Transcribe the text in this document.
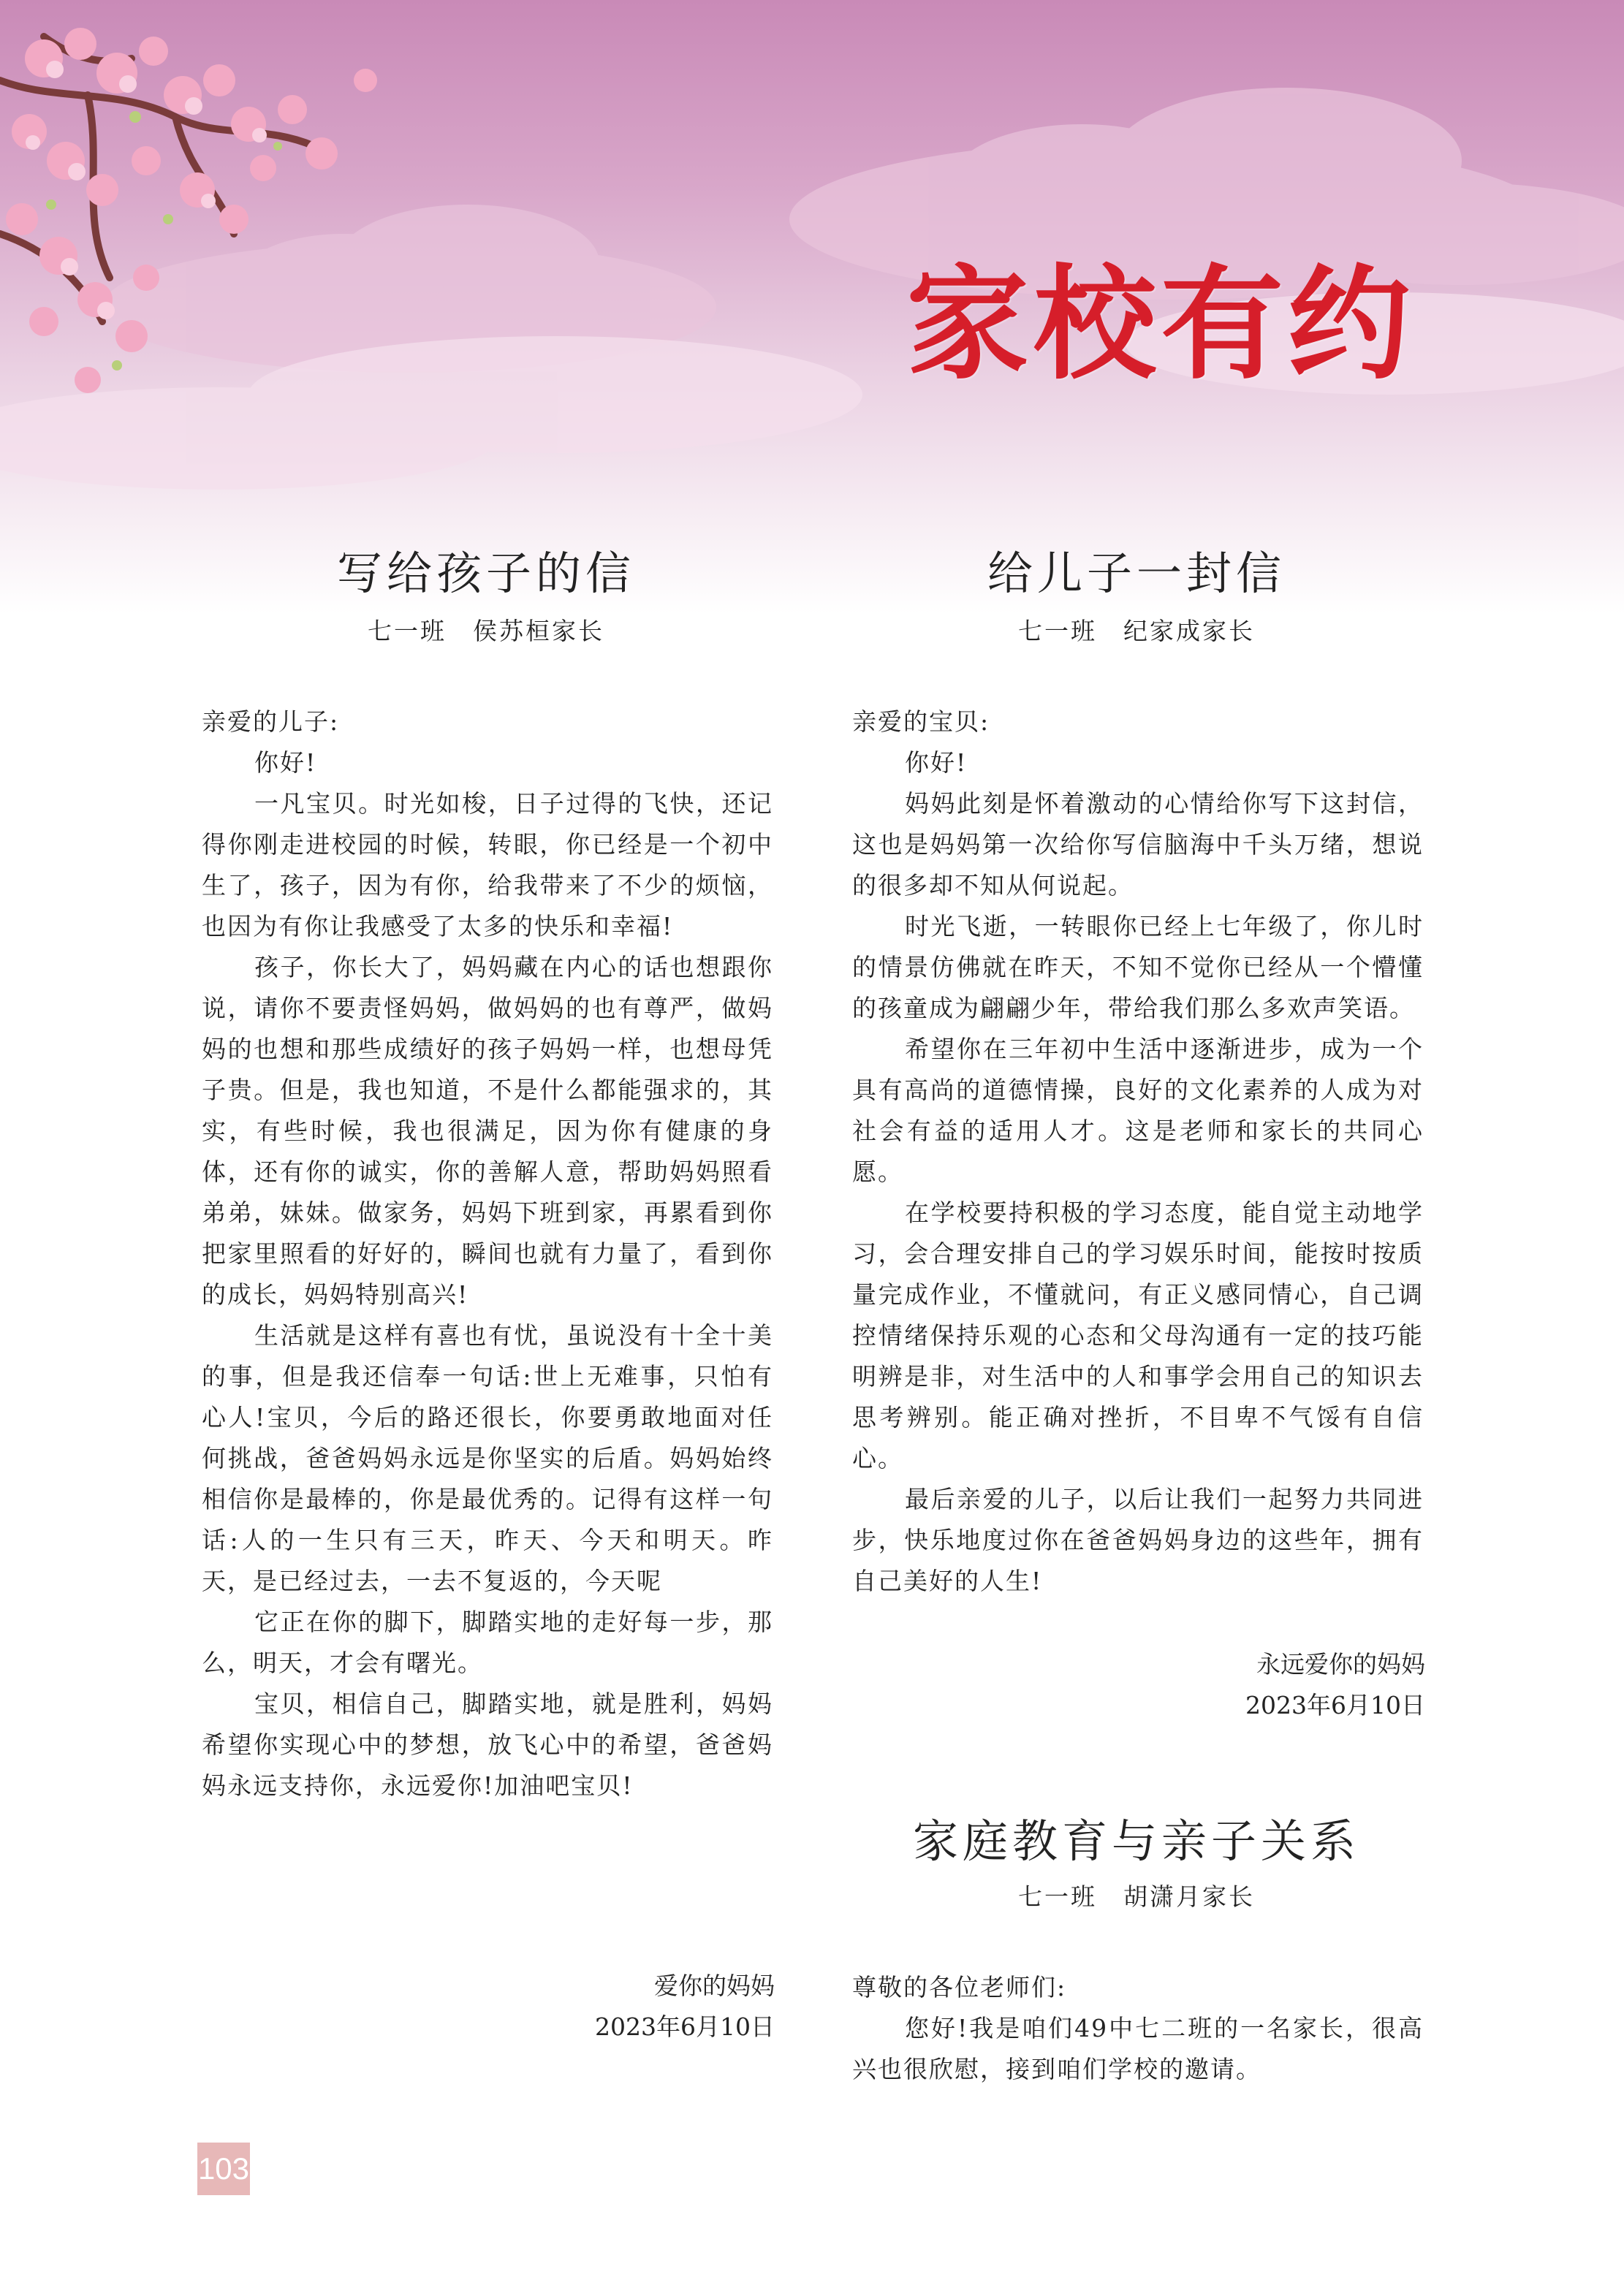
家校有约
写给孩子的信
七一班　侯苏桓家长

亲爱的儿子:

你好!

一凡宝贝。时光如梭，日子过得的飞快，还记得你刚走进校园的时候，转眼，你已经是一个初中生了，孩子，因为有你，给我带来了不少的烦恼，也因为有你让我感受了太多的快乐和幸福!

孩子，你长大了，妈妈藏在内心的话也想跟你说，请你不要责怪妈妈，做妈妈的也有尊严，做妈妈的也想和那些成绩好的孩子妈妈一样，也想母凭子贵。但是，我也知道，不是什么都能强求的，其实，有些时候，我也很满足，因为你有健康的身体，还有你的诚实，你的善解人意，帮助妈妈照看弟弟，妹妹。做家务，妈妈下班到家，再累看到你把家里照看的好好的，瞬间也就有力量了，看到你的成长，妈妈特别高兴!

生活就是这样有喜也有忧，虽说没有十全十美的事，但是我还信奉一句话:世上无难事，只怕有心人!宝贝，今后的路还很长，你要勇敢地面对任何挑战，爸爸妈妈永远是你坚实的后盾。妈妈始终相信你是最棒的，你是最优秀的。记得有这样一句话:人的一生只有三天，昨天、今天和明天。昨天，是已经过去，一去不复返的，今天呢

它正在你的脚下，脚踏实地的走好每一步，那么，明天，才会有曙光。

宝贝，相信自己，脚踏实地，就是胜利，妈妈希望你实现心中的梦想，放飞心中的希望，爸爸妈妈永远支持你，永远爱你!加油吧宝贝!

爱你的妈妈
2023年6月10日
给儿子一封信
七一班　纪家成家长

亲爱的宝贝:

你好!

妈妈此刻是怀着激动的心情给你写下这封信，这也是妈妈第一次给你写信脑海中千头万绪，想说的很多却不知从何说起。

时光飞逝，一转眼你已经上七年级了，你儿时的情景仿佛就在昨天，不知不觉你已经从一个懵懂的孩童成为翩翩少年，带给我们那么多欢声笑语。

希望你在三年初中生活中逐渐进步，成为一个具有高尚的道德情操，良好的文化素养的人成为对社会有益的适用人才。这是老师和家长的共同心愿。

在学校要持积极的学习态度，能自觉主动地学习，会合理安排自己的学习娱乐时间，能按时按质量完成作业，不懂就问，有正义感同情心，自己调控情绪保持乐观的心态和父母沟通有一定的技巧能明辨是非，对生活中的人和事学会用自己的知识去思考辨别。能正确对挫折，不目卑不气馁有自信心。

最后亲爱的儿子，以后让我们一起努力共同进步，快乐地度过你在爸爸妈妈身边的这些年，拥有自己美好的人生!

永远爱你的妈妈
2023年6月10日
家庭教育与亲子关系
七一班　胡潇月家长

尊敬的各位老师们:

您好!我是咱们49中七二班的一名家长，很高兴也很欣慰，接到咱们学校的邀请。

103
